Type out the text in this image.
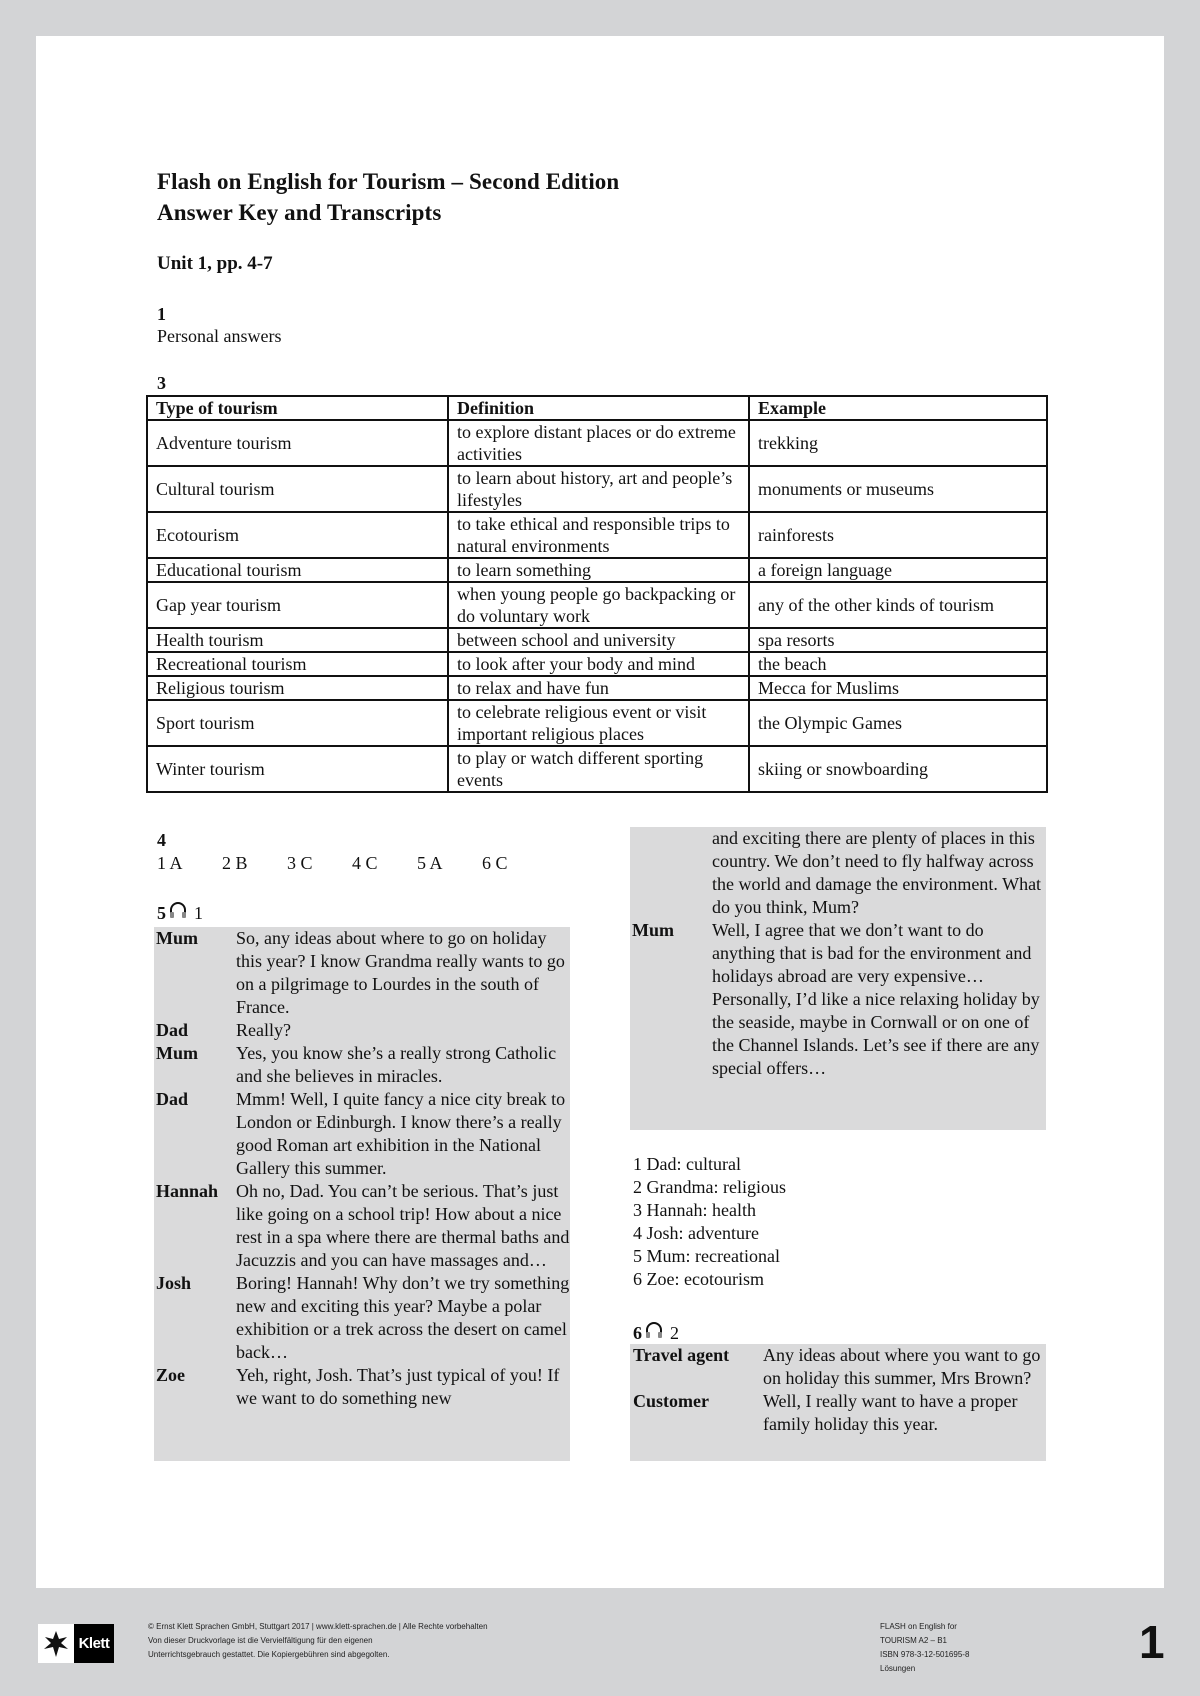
Flash on English for Tourism – Second Edition
Answer Key and Transcripts
Unit 1, pp. 4-7
1
Personal answers
3
Type of tourism	Definition	Example
Adventure tourism	to explore distant places or do extreme activities	trekking
Cultural tourism	to learn about history, art and people’s lifestyles	monuments or museums
Ecotourism	to take ethical and responsible trips to natural environments	rainforests
Educational tourism	to learn something	a foreign language
Gap year tourism	when young people go backpacking or do voluntary work	any of the other kinds of tourism
Health tourism	between school and university	spa resorts
Recreational tourism	to look after your body and mind	the beach
Religious tourism	to relax and have fun	Mecca for Muslims
Sport tourism	to celebrate religious event or visit important religious places	the Olympic Games
Winter tourism	to play or watch different sporting events	skiing or snowboarding
4
1 A	2 B	3 C	4 C	5 A	6 C
5 1
Mum	So, any ideas about where to go on holiday this year? I know Grandma really wants to go on a pilgrimage to Lourdes in the south of France.
Dad	Really?
Mum	Yes, you know she’s a really strong Catholic and she believes in miracles.
Dad	Mmm! Well, I quite fancy a nice city break to London or Edinburgh. I know there’s a really good Roman art exhibition in the National Gallery this summer.
Hannah Oh no, Dad. You can’t be serious. That’s just like going on a school trip! How about a nice rest in a spa where there are thermal baths and Jacuzzis and you can have massages and…
Josh	Boring! Hannah! Why don’t we try something new and exciting this year? Maybe a polar exhibition or a trek across the desert on camel back…
Zoe	Yeh, right, Josh. That’s just typical of you! If we want to do something new
and exciting there are plenty of places in this country. We don’t need to fly halfway across the world and damage the environment. What do you think, Mum?
Mum	Well, I agree that we don’t want to do anything that is bad for the environment and holidays abroad are very expensive… Personally, I’d like a nice relaxing holiday by the seaside, maybe in Cornwall or on one of the Channel Islands. Let’s see if there are any special offers…
1 Dad: cultural
2 Grandma: religious
3 Hannah: health
4 Josh: adventure
5 Mum: recreational
6 Zoe: ecotourism
6 2
Travel agent	Any ideas about where you want to go on holiday this summer, Mrs Brown?
Customer	Well, I really want to have a proper family holiday this year.
Klett
© Ernst Klett Sprachen GmbH, Stuttgart 2017 | www.klett-sprachen.de | Alle Rechte vorbehalten
Von dieser Druckvorlage ist die Vervielfältigung für den eigenen
Unterrichtsgebrauch gestattet. Die Kopiergebühren sind abgegolten.
FLASH on English for
TOURISM A2 – B1
ISBN 978-3-12-501695-8
Lösungen
1
